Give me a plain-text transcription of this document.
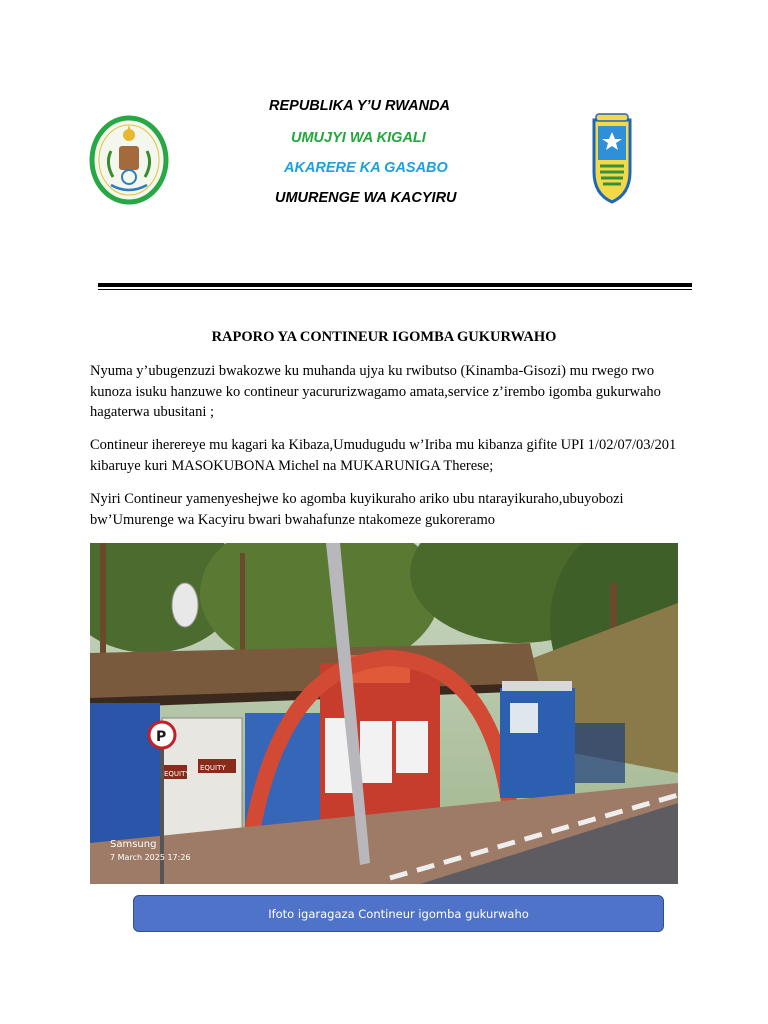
REPUBLIKA Y’U RWANDA
UMUJYI WA KIGALI
AKARERE KA GASABO
UMURENGE WA KACYIRU
RAPORO YA CONTINEUR IGOMBA GUKURWAHO
Nyuma y’ubugenzuzi bwakozwe ku muhanda ujya ku rwibutso (Kinamba-Gisozi) mu rwego rwo kunoza isuku hanzuwe ko contineur yacururizwagamo amata,service z’irembo igomba gukurwaho hagaterwa ubusitani ;
Contineur iherereye mu kagari ka Kibaza,Umudugudu w’Iriba mu kibanza gifite UPI 1/02/07/03/201 kibaruye kuri MASOKUBONA Michel na MUKARUNIGA Therese;
Nyiri Contineur yamenyeshejwe ko agomba kuyikuraho ariko ubu ntarayikuraho,ubuyobozi bw’Umurenge wa Kacyiru bwari bwahafunze ntakomeze gukoreramo
EQUITY
EQUITY
P
Samsung
7 March 2025 17:26
Ifoto igaragaza Contineur igomba gukurwaho
